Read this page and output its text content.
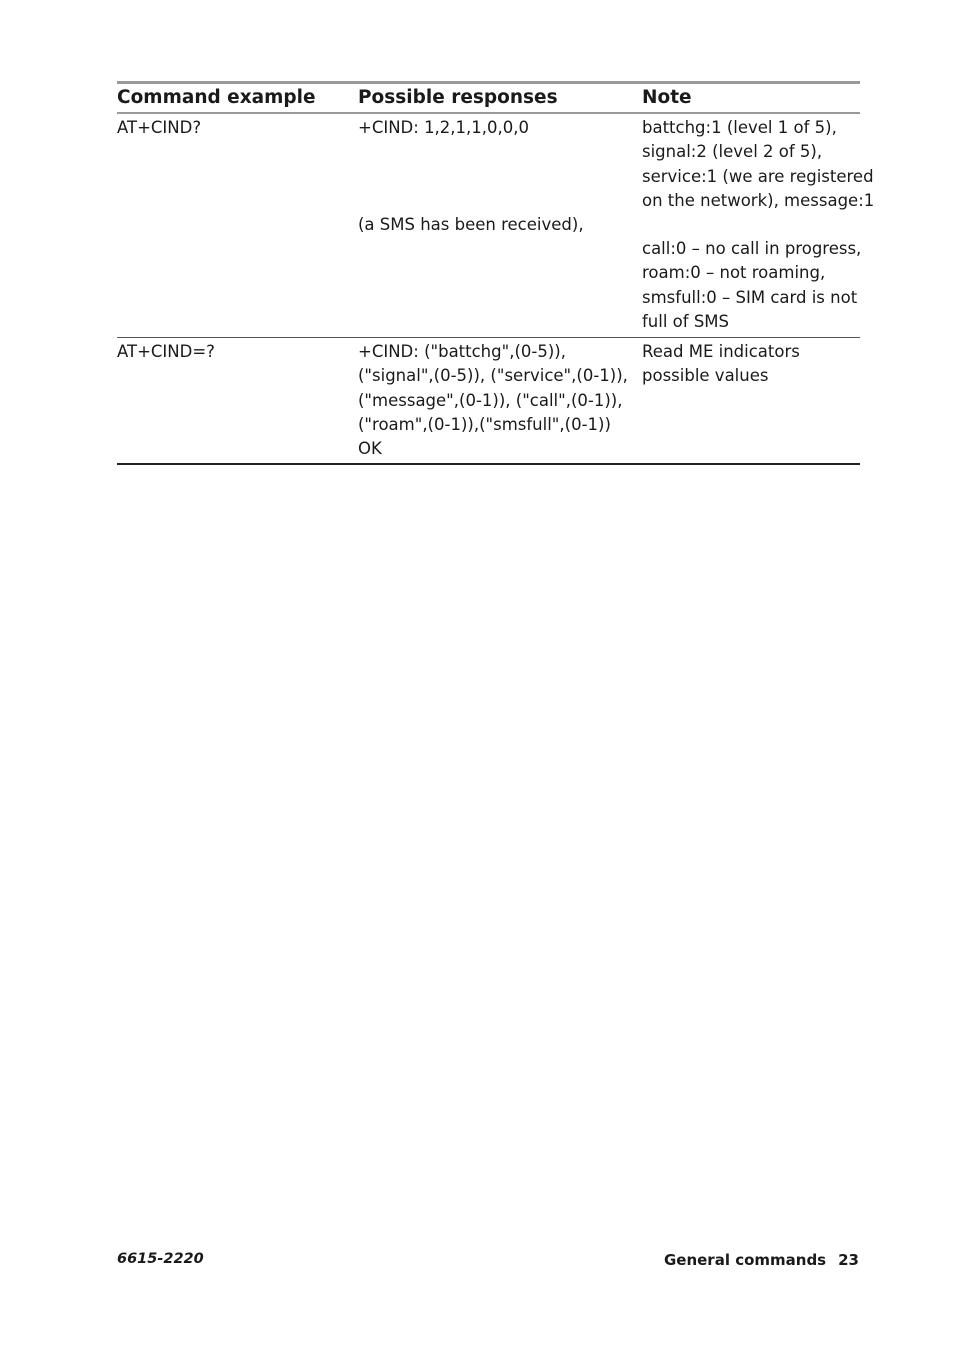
Command example Possible responses	Note
AT+CIND?	+CIND: 1,2,1,1,0,0,0
(a SMS has been received),
battchg:1 (level 1 of 5),
signal:2 (level 2 of 5),
service:1 (we are registered
on the network), message:1
call:0 – no call in progress,
roam:0 – not roaming,
smsfull:0 – SIM card is not
full of SMS
AT+CIND=?	+CIND: ("battchg",(0-5)),
("signal",(0-5)), ("service",(0-1)),
("message",(0-1)), ("call",(0-1)),
("roam",(0-1)),("smsfull",(0-1))
OK
Read ME indicators
possible values
6615-2220	General commands 23
